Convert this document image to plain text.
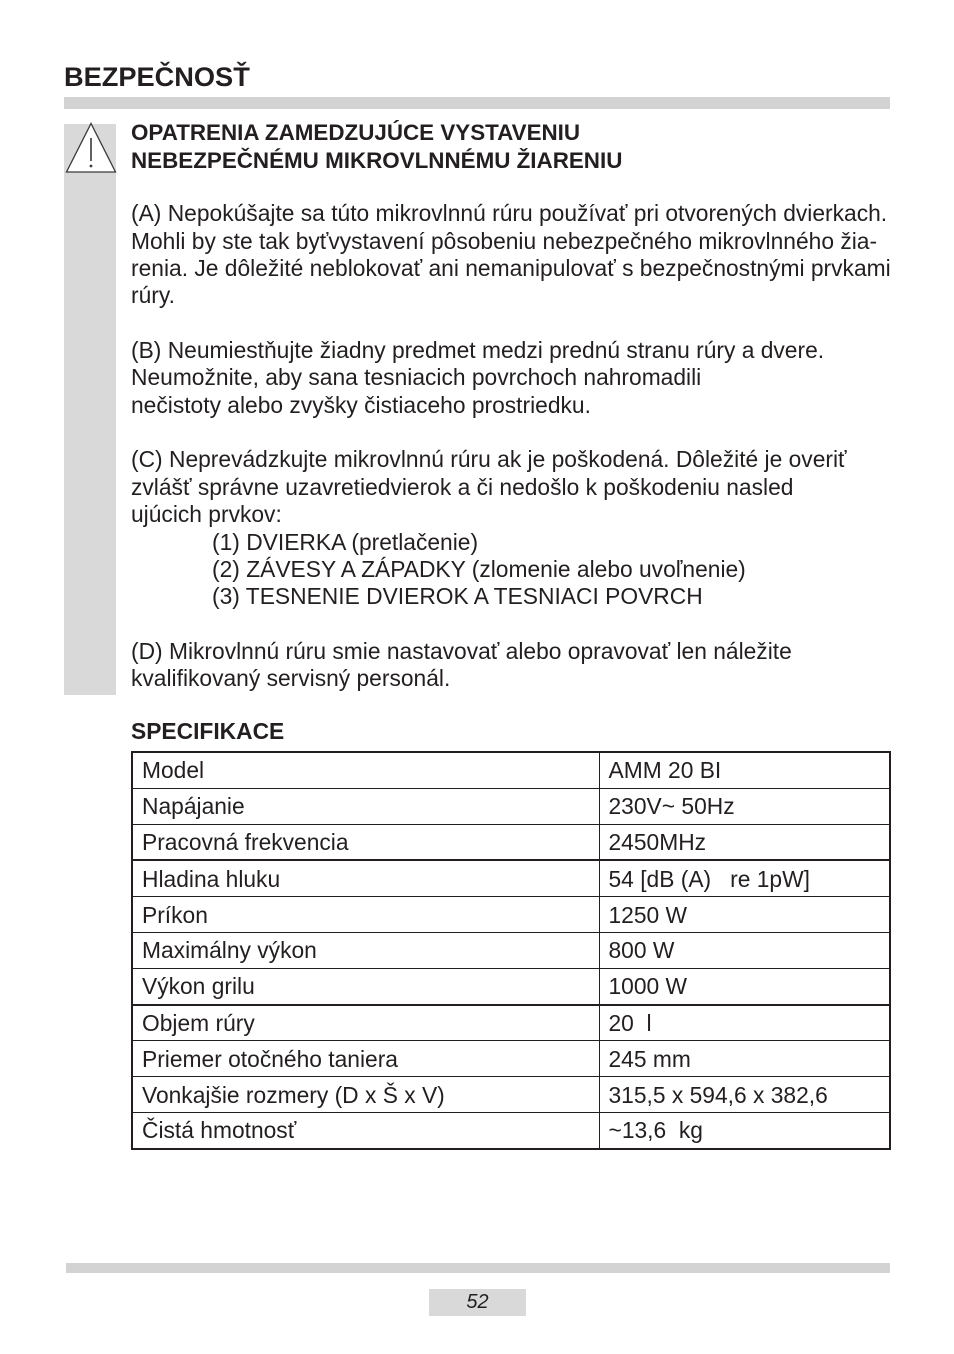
BEZPEČNOSŤ
OPATRENIA ZAMEDZUJÚCE VYSTAVENIU
NEBEZPEČNÉMU MIKROVLNNÉMU ŽIARENIU
(A) Nepokúšajte sa túto mikrovlnnú rúru používať pri otvorených dvierkach.
Mohli by ste tak byťvystavení pôsobeniu nebezpečného mikrovlnného žia-
renia. Je dôležité neblokovať ani nemanipulovať s bezpečnostnými prvkami
rúry.
(B) Neumiestňujte žiadny predmet medzi prednú stranu rúry a dvere.
Neumožnite, aby sana tesniacich povrchoch nahromadili
nečistoty alebo zvyšky čistiaceho prostriedku.
(C) Neprevádzkujte mikrovlnnú rúru ak je poškodená. Dôležité je overiť
zvlášť správne uzavretiedvierok a či nedošlo k poškodeniu nasled
ujúcich prvkov:
(1) DVIERKA (pretlačenie)
(2) ZÁVESY A ZÁPADKY (zlomenie alebo uvoľnenie)
(3) TESNENIE DVIEROK A TESNIACI POVRCH
(D) Mikrovlnnú rúru smie nastavovať alebo opravovať len náležite
kvalifikovaný servisný personál.
SPECIFIKACE
Model	AMM 20 BI
Napájanie	230V~ 50Hz
Pracovná frekvencia	2450MHz
Hladina hluku	54 [dB (A)   re 1pW]
Príkon	1250 W
Maximálny výkon	800 W
Výkon grilu	1000 W
Objem rúry	20  l
Priemer otočného taniera	245 mm
Vonkajšie rozmery (D x Š x V)	315,5 x 594,6 x 382,6
Čistá hmotnosť	~13,6  kg
52
